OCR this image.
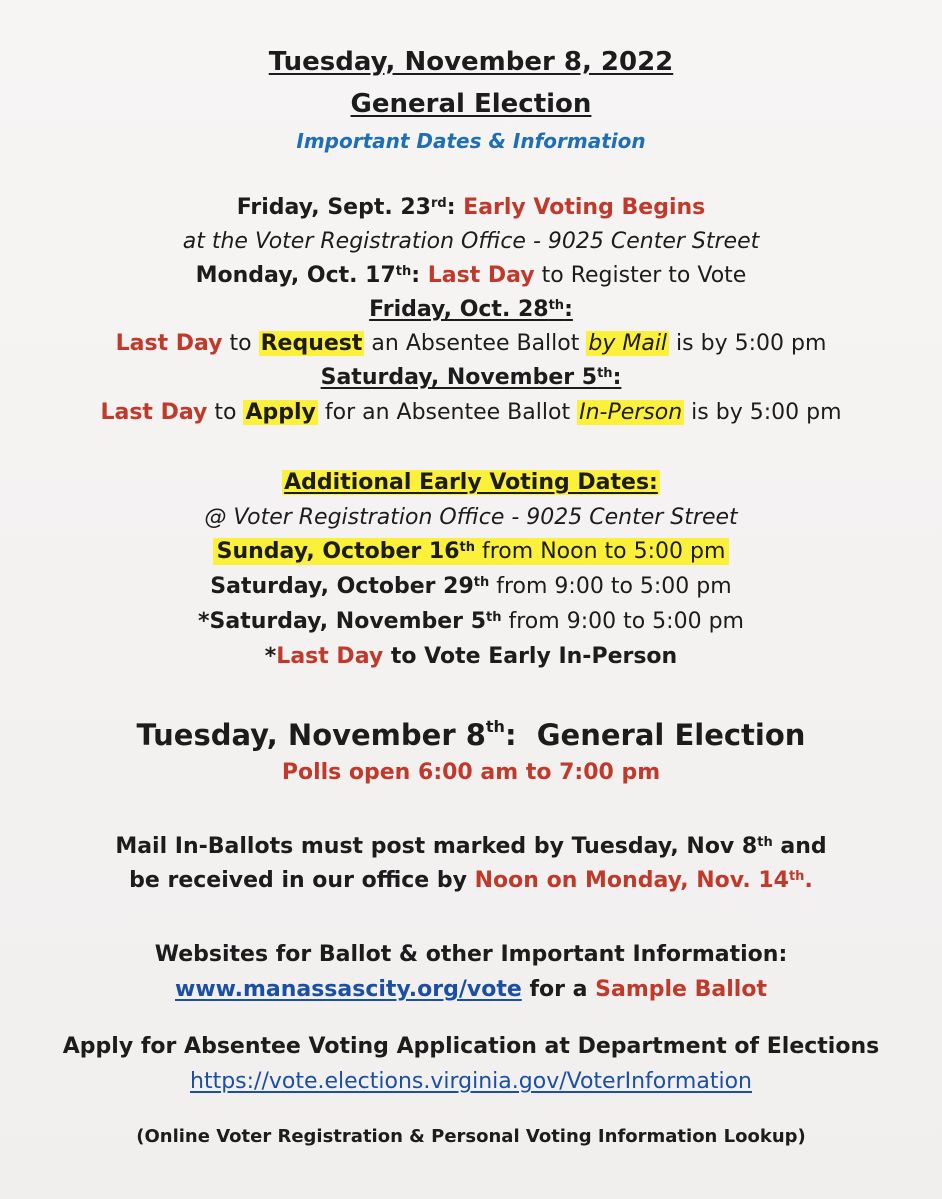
Tuesday, November 8, 2022
General Election
Important Dates & Information
Friday, Sept. 23rd: Early Voting Begins
at the Voter Registration Office - 9025 Center Street
Monday, Oct. 17th: Last Day to Register to Vote
Friday, Oct. 28th:
Last Day to Request an Absentee Ballot by Mail is by 5:00 pm
Saturday, November 5th:
Last Day to Apply for an Absentee Ballot In-Person is by 5:00 pm
Additional Early Voting Dates:
@ Voter Registration Office - 9025 Center Street
Sunday, October 16th from Noon to 5:00 pm
Saturday, October 29th from 9:00 to 5:00 pm
*Saturday, November 5th from 9:00 to 5:00 pm
*Last Day to Vote Early In-Person
Tuesday, November 8th:  General Election
Polls open 6:00 am to 7:00 pm
Mail In-Ballots must post marked by Tuesday, Nov 8th and
be received in our office by Noon on Monday, Nov. 14th.
Websites for Ballot & other Important Information:
www.manassascity.org/vote for a Sample Ballot
Apply for Absentee Voting Application at Department of Elections
https://vote.elections.virginia.gov/VoterInformation
(Online Voter Registration & Personal Voting Information Lookup)
